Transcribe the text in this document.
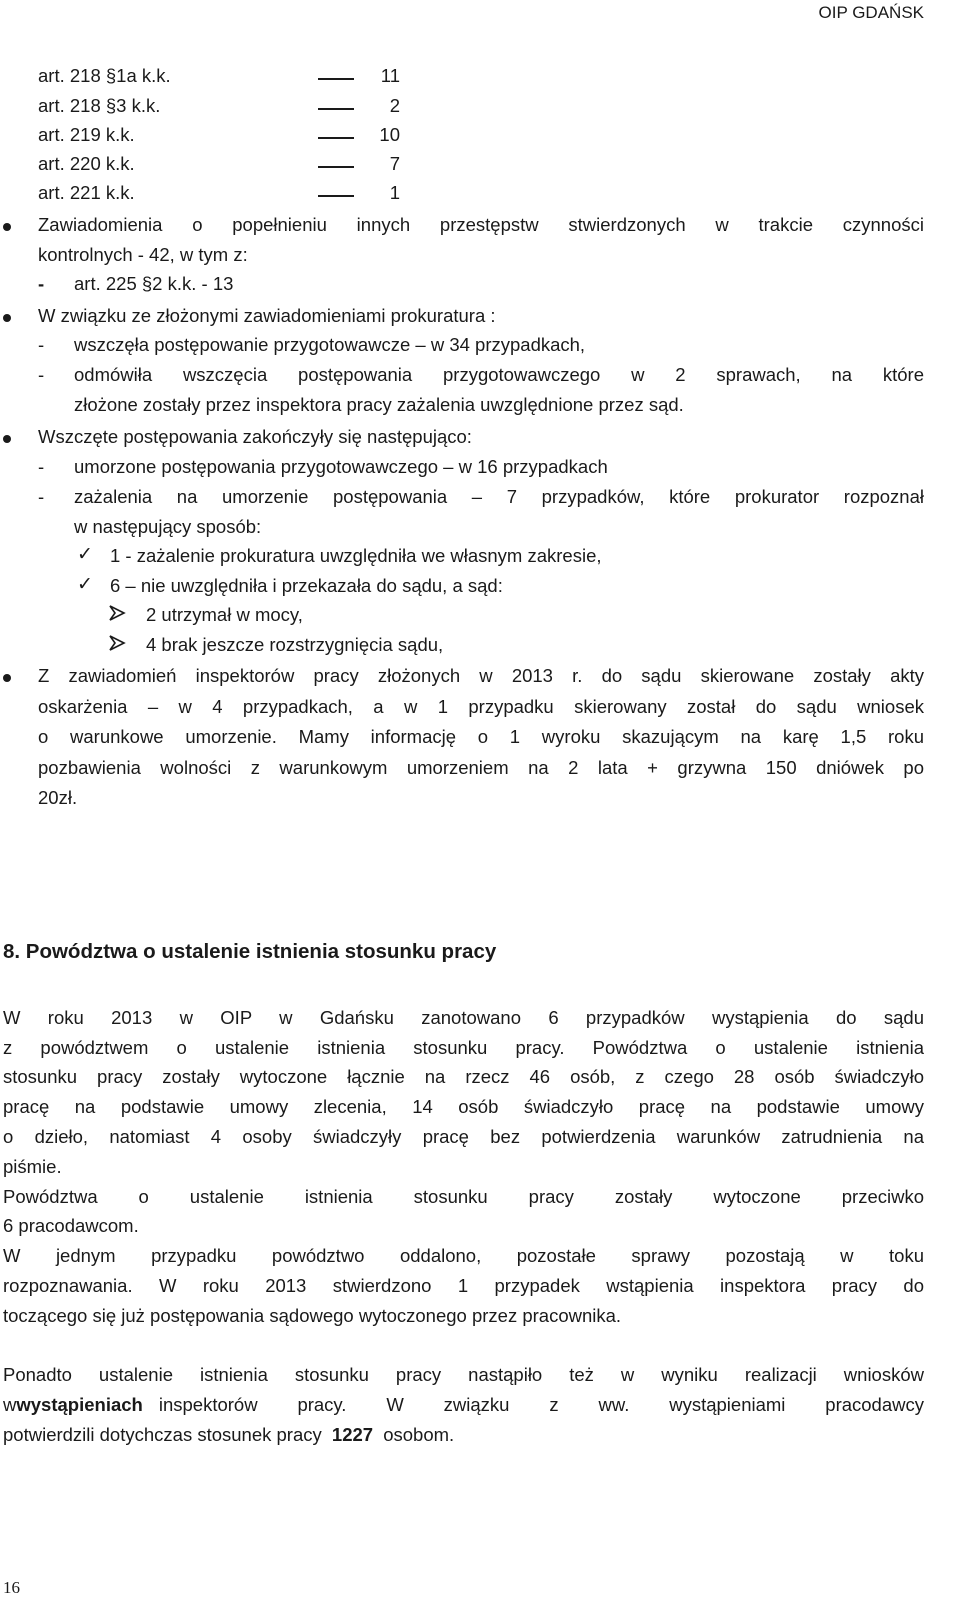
OIP GDAŃSK
art. 218 §1a k.k.	11
art. 218 §3 k.k.	2
art. 219 k.k.	10
art. 220 k.k.	7
art. 221 k.k.	1
Zawiadomienia o popełnieniu innych przestępstw stwierdzonych w trakcie czynności
kontrolnych - 42, w tym z:
- art. 225 §2 k.k. - 13
W związku ze złożonymi zawiadomieniami prokuratura :
- wszczęła postępowanie przygotowawcze – w 34 przypadkach,
- odmówiła wszczęcia postępowania przygotowawczego w 2 sprawach, na które
złożone zostały przez inspektora pracy zażalenia uwzględnione przez sąd.
Wszczęte postępowania zakończyły się następująco:
- umorzone postępowania przygotowawczego – w 16 przypadkach
- zażalenia na umorzenie postępowania – 7 przypadków, które prokurator rozpoznał
w następujący sposób:
✓ 1 - zażalenie prokuratura uwzględniła we własnym zakresie,
✓ 6 – nie uwzględniła i przekazała do sądu, a sąd:
2 utrzymał w mocy,
4 brak jeszcze rozstrzygnięcia sądu,
Z zawiadomień inspektorów pracy złożonych w 2013 r. do sądu skierowane zostały akty
oskarżenia – w 4 przypadkach, a w 1 przypadku skierowany został do sądu wniosek
o warunkowe umorzenie. Mamy informację o 1 wyroku skazującym na karę 1,5 roku
pozbawienia wolności z warunkowym umorzeniem na 2 lata + grzywna 150 dniówek po
20zł.
8. Powództwa o ustalenie istnienia stosunku pracy
W roku 2013 w OIP w Gdańsku zanotowano 6 przypadków wystąpienia do sądu
z powództwem o ustalenie istnienia stosunku pracy. Powództwa o ustalenie istnienia
stosunku pracy zostały wytoczone łącznie na rzecz 46 osób, z czego 28 osób świadczyło
pracę na podstawie umowy zlecenia, 14 osób świadczyło pracę na podstawie umowy
o dzieło, natomiast 4 osoby świadczyły pracę bez potwierdzenia warunków zatrudnienia na
piśmie.
Powództwa o ustalenie istnienia stosunku pracy zostały wytoczone przeciwko
6 pracodawcom.
W jednym przypadku powództwo oddalono, pozostałe sprawy pozostają w toku
rozpoznawania. W roku 2013 stwierdzono 1 przypadek wstąpienia inspektora pracy do
toczącego się już postępowania sądowego wytoczonego przez pracownika.
Ponadto ustalenie istnienia stosunku pracy nastąpiło też w wyniku realizacji wniosków
w wystąpieniach inspektorów pracy. W związku z ww. wystąpieniami pracodawcy
potwierdzili dotychczas stosunek pracy 1227 osobom.
16
